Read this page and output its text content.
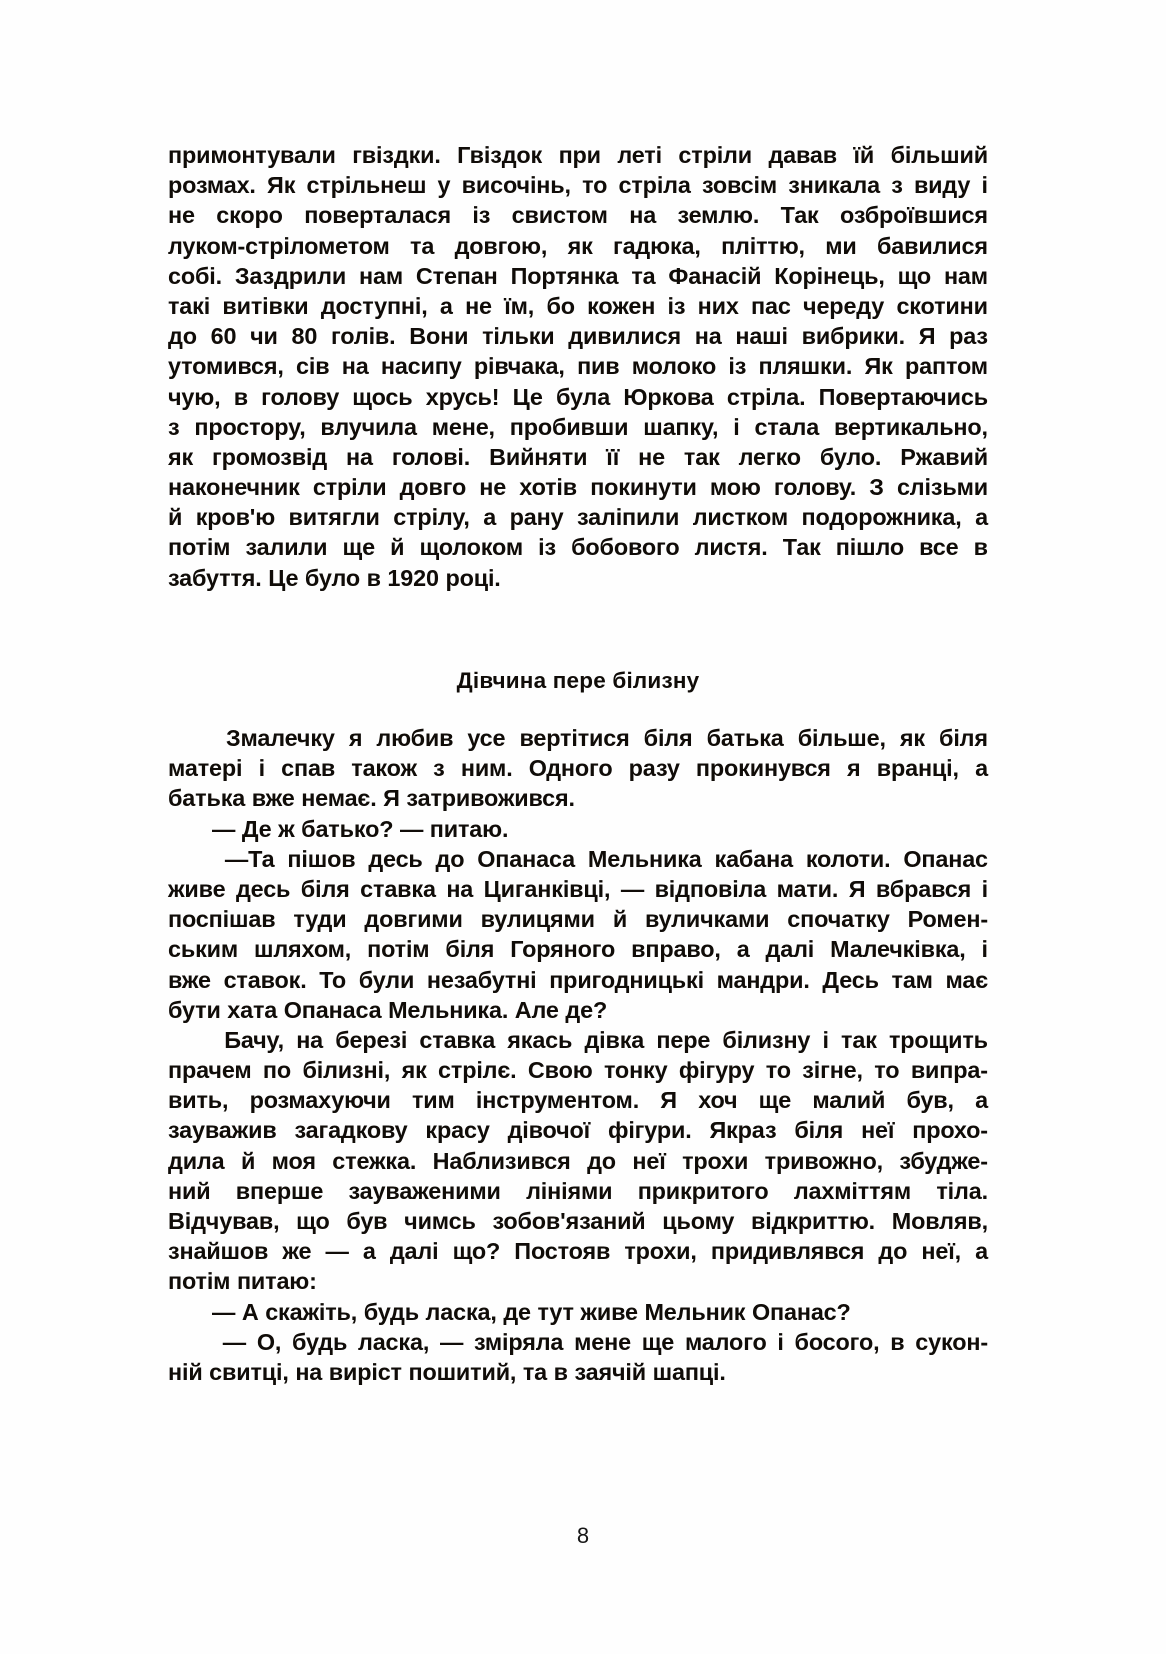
примонтували гвіздки. Гвіздок при леті стріли давав їй більший
розмах. Як стрільнеш у височінь, то стріла зовсім зникала з виду і
не скоро поверталася із свистом на землю. Так озброївшися
луком-стрілометом та довгою, як гадюка, пліттю, ми бавилися
собі. Заздрили нам Степан Портянка та Фанасій Корінець, що нам
такі витівки доступні, а не їм, бо кожен із них пас череду скотини
до 60 чи 80 голів. Вони тільки дивилися на наші вибрики. Я раз
утомився, сів на насипу рівчака, пив молоко із пляшки. Як раптом
чую, в голову щось хрусь! Це була Юркова стріла. Повертаючись
з простору, влучила мене, пробивши шапку, і стала вертикально,
як громозвід на голові. Вийняти її не так легко було. Ржавий
наконечник стріли довго не хотів покинути мою голову. З слізьми
й кров'ю витягли стрілу, а рану заліпили листком подорожника, а
потім залили ще й щолоком із бобового листя. Так пішло все в
забуття. Це було в 1920 році.
Дівчина пере білизну
Змалечку я любив усе вертітися біля батька більше, як біля
матері і спав також з ним. Одного разу прокинувся я вранці, а
батька вже немає. Я затривожився.
— Де ж батько? — питаю.
—Та пішов десь до Опанаса Мельника кабана колоти. Опанас
живе десь біля ставка на Циганківці, — відповіла мати. Я вбрався і
поспішав туди довгими вулицями й вуличками спочатку Ромен-
ським шляхом, потім біля Горяного вправо, а далі Малечківка, і
вже ставок. То були незабутні пригодницькі мандри. Десь там має
бути хата Опанаса Мельника. Але де?
Бачу, на березі ставка якась дівка пере білизну і так трощить
прачем по білизні, як стрілє. Свою тонку фігуру то зігне, то випра-
вить, розмахуючи тим інструментом. Я хоч ще малий був, а
зауважив загадкову красу дівочої фігури. Якраз біля неї прохо-
дила й моя стежка. Наблизився до неї трохи тривожно, збудже-
ний вперше зауваженими лініями прикритого лахміттям тіла.
Відчував, що був чимсь зобов'язаний цьому відкриттю. Мовляв,
знайшов же — а далі що? Постояв трохи, придивлявся до неї, а
потім питаю:
— А скажіть, будь ласка, де тут живе Мельник Опанас?
— О, будь ласка, — зміряла мене ще малого і босого, в сукон-
ній свитці, на виріст пошитий, та в заячій шапці.
8
